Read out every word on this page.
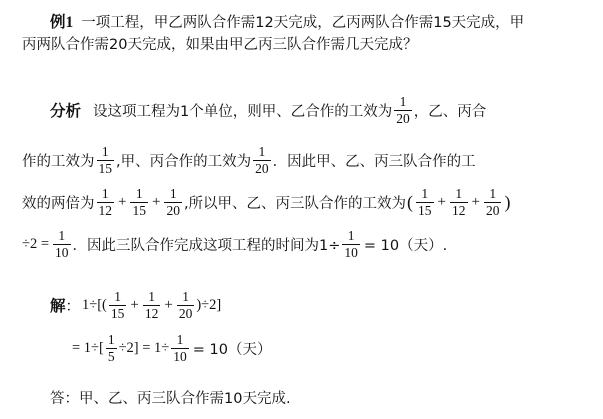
例1 一项工程，甲乙两队合作需12天完成，乙丙两队合作需15天完成，甲
丙两队合作需20天完成，如果由甲乙丙三队合作需几天完成？
分析 设这项工程为1个单位，则甲、乙合作的工效为 $\frac{1}{20}$ ，乙、丙合
作的工效为 $\frac{1}{15}$ ,甲、丙合作的工效为 $\frac{1}{20}$ ．因此甲、乙、丙三队合作的工
效的两倍为 $\frac{1}{12} + \frac{1}{15} + \frac{1}{20}$ ,所以甲、乙、丙三队合作的工效为 ( $\frac{1}{15} + \frac{1}{12} + \frac{1}{20}$ )
$\div 2 = \frac{1}{10}$ ．因此三队合作完成这项工程的时间为$1\div \frac{1}{10} = 10$（天）.
解 ： $1\div[( \frac{1}{15} + \frac{1}{12} + \frac{1}{20} )\div 2]$
= $1\div[ \frac{1}{5} \div 2] = 1\div \frac{1}{10} = 10$（天）
答：甲、乙、丙三队合作需10天完成.
